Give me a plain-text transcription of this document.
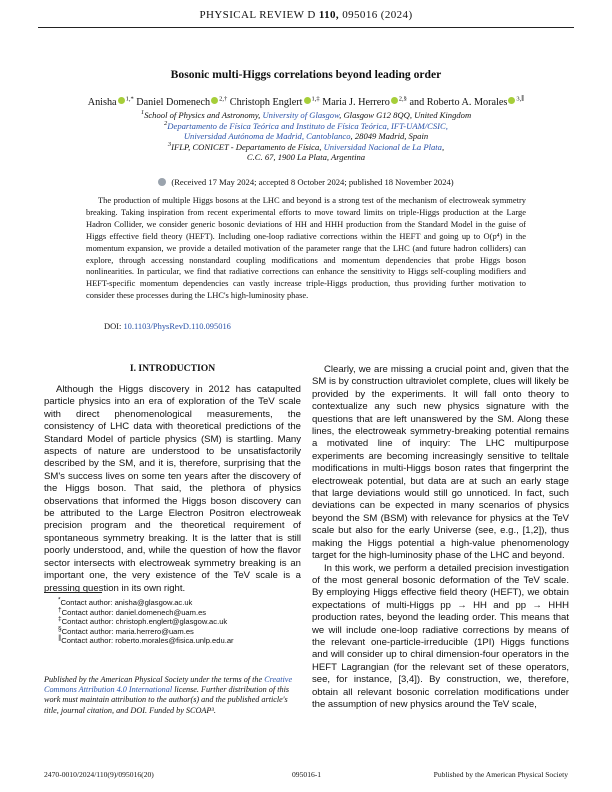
PHYSICAL REVIEW D 110, 095016 (2024)
Bosonic multi-Higgs correlations beyond leading order
Anisha $^{1,*}$ Daniel Domenech $^{2,\dagger}$ Christoph Englert $^{1,\ddagger}$ Maria J. Herrero $^{2,\S}$ and Roberto A. Morales $^{3,\parallel}$
$^1$School of Physics and Astronomy, University of Glasgow, Glasgow G12 8QQ, United Kingdom
$^2$Departamento de Física Teórica and Instituto de Física Teórica, IFT-UAM/CSIC,
Universidad Autónoma de Madrid, Cantoblanco, 28049 Madrid, Spain
$^3$IFLP, CONICET - Departamento de Física, Universidad Nacional de La Plata,
C.C. 67, 1900 La Plata, Argentina
(Received 17 May 2024; accepted 8 October 2024; published 18 November 2024)

The production of multiple Higgs bosons at the LHC and beyond is a strong test of the mechanism of electroweak symmetry breaking. Taking inspiration from recent experimental efforts to move toward limits on triple-Higgs production at the Large Hadron Collider, we consider generic bosonic deviations of HH and HHH production from the Standard Model in the guise of Higgs effective field theory (HEFT). Including one-loop radiative corrections within the HEFT and going up to O(p⁴) in the momentum expansion, we provide a detailed motivation of the parameter range that the LHC (and future hadron colliders) can explore, through accessing nonstandard coupling modifications and momentum dependencies that probe Higgs boson nonlinearities. In particular, we find that radiative corrections can enhance the sensitivity to Higgs self-coupling modifiers and HEFT-specific momentum dependencies can vastly increase triple-Higgs production, thus providing further motivation to consider these processes during the LHC's high-luminosity phase.

DOI: 10.1103/PhysRevD.110.095016
I. INTRODUCTION

Although the Higgs discovery in 2012 has catapulted particle physics into an era of exploration of the TeV scale with direct phenomenological measurements, the consistency of LHC data with theoretical predictions of the Standard Model of particle physics (SM) is startling. Many aspects of nature are understood to be unsatisfactorily described by the SM, and it is, therefore, surprising that the SM's success lives on some ten years after the discovery of the Higgs boson. That said, the plethora of physics observations that informed the Higgs boson discovery can be attributed to the Large Electron Positron electroweak precision program and the theoretical requirement of spontaneous symmetry breaking. It is the latter that is still poorly understood, and, while the question of how the flavor sector intersects with electroweak symmetry breaking is an important one, the very existence of the TeV scale is a pressing question in its own right.

Clearly, we are missing a crucial point and, given that the SM is by construction ultraviolet complete, clues will likely be provided by the experiments. It will fall onto theory to contextualize any such new physics signature with the questions that are left unanswered by the SM. Along these lines, the electroweak symmetry-breaking potential remains a motivated line of inquiry: The LHC multipurpose experiments are becoming increasingly sensitive to telltale modifications in multi-Higgs boson rates that fingerprint the electroweak potential, but data are at such an early stage that large deviations would still go unnoticed. In fact, such deviations can be expected in many scenarios of physics beyond the SM (BSM) with relevance for physics at the TeV scale but also for the early Universe (see, e.g., [1,2]), thus making the Higgs potential a high-value phenomenology target for the high-luminosity phase of the LHC and beyond.

In this work, we perform a detailed precision investigation of the most general bosonic deformation of the TeV scale. By employing Higgs effective field theory (HEFT), we obtain expectations of multi-Higgs pp → HH and pp → HHH production rates, beyond the leading order. This means that we will include one-loop radiative corrections by means of the relevant one-particle-irreducible (1PI) Higgs functions and will consider up to chiral dimension-four operators in the HEFT Lagrangian (for the relevant set of these operators, see, for instance, [3,4]). By construction, we, therefore, obtain all relevant bosonic correlation modifications under the assumption of new physics around the TeV scale,

*Contact author: anisha@glasgow.ac.uk
†Contact author: daniel.domenech@uam.es
‡Contact author: christoph.englert@glasgow.ac.uk
§Contact author: maria.herrero@uam.es
∥Contact author: roberto.morales@fisica.unlp.edu.ar
Published by the American Physical Society under the terms of the Creative Commons Attribution 4.0 International license. Further distribution of this work must maintain attribution to the author(s) and the published article's title, journal citation, and DOI. Funded by SCOAP³.
2470-0010/2024/110(9)/095016(20)	095016-1	Published by the American Physical Society
